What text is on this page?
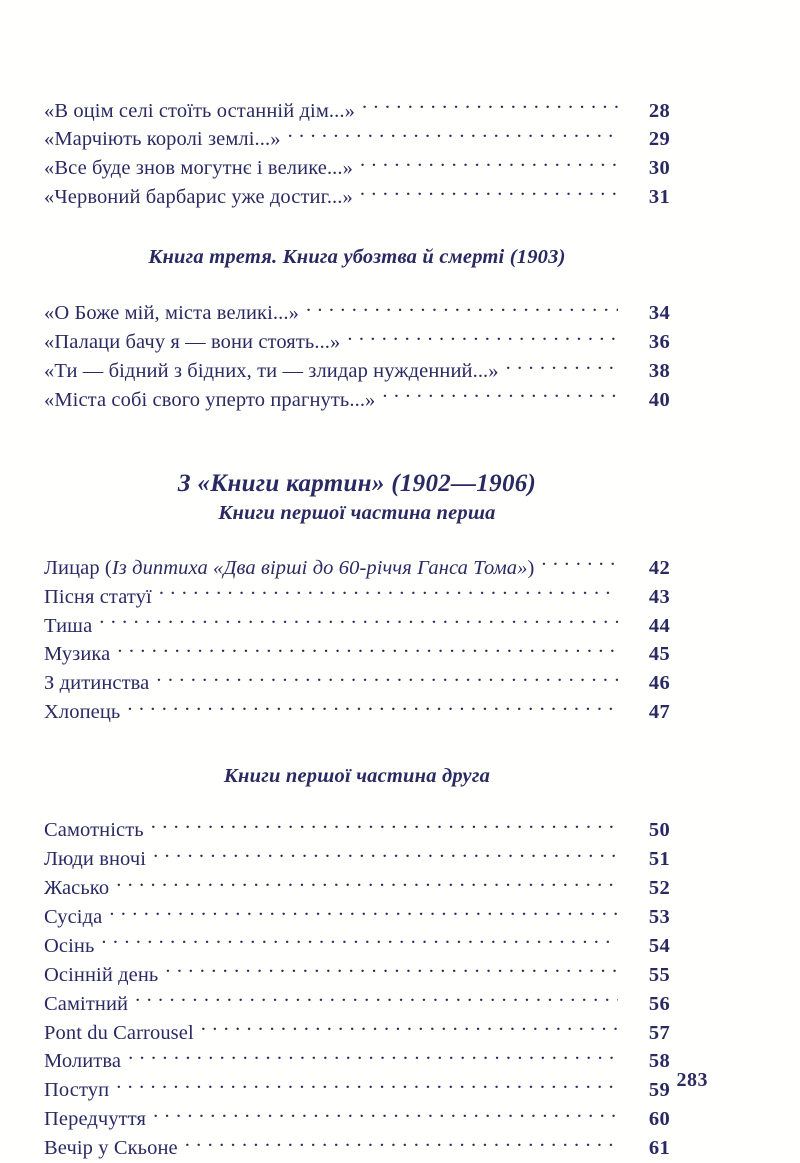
«В оцім селі стоїть останній дім...» . . .	28
«Марчіють королі землі...» . . .	29
«Все буде знов могутнє і велике...» . . .	30
«Червоний барбарис уже достиг...» . . .	31
Книга третя. Книга убозтва й смерті (1903)
«О Боже мій, міста великі...» . . .	34
«Палаци бачу я — вони стоять...» . . .	36
«Ти — бідний з бідних, ти — злидар нужденний...» . . .	38
«Міста собі свого уперто прагнуть...» . . .	40
З «Книги картин» (1902—1906)
Книги першої частина перша
Лицар (Із диптиха «Два вірші до 60-річчя Ганса Тома») . . .	42
Пісня статуї . . .	43
Тиша . . .	44
Музика . . .	45
З дитинства . . .	46
Хлопець . . .	47
Книги першої частина друга
Самотність . . .	50
Люди вночі . . .	51
Жасько . . .	52
Сусіда . . .	53
Осінь . . .	54
Осінній день . . .	55
Самітний . . .	56
Pont du Carrousel . . .	57
Молитва . . .	58
Поступ . . .	59
Передчуття . . .	60
Вечір у Скьоне . . .	61
283
